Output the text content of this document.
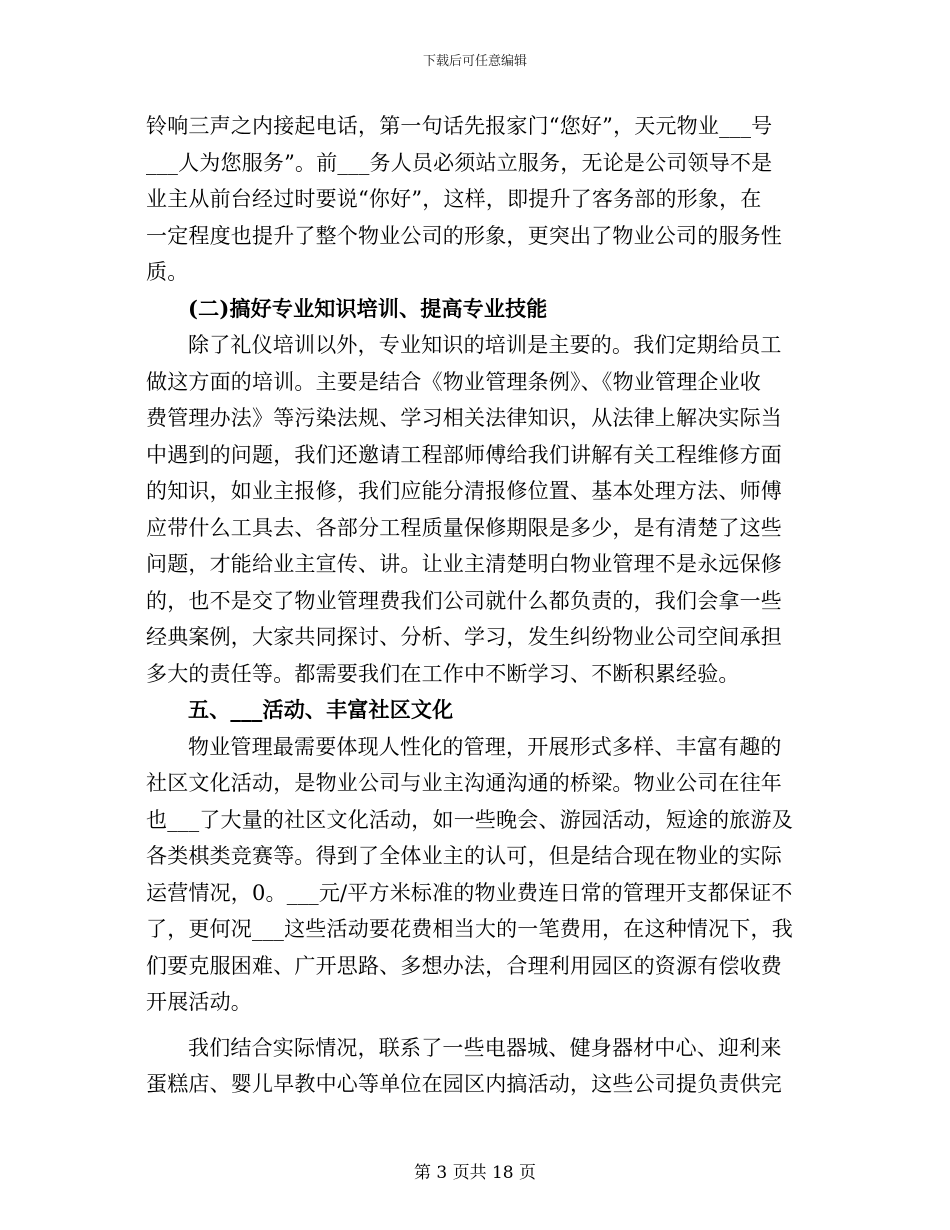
下载后可任意编辑
铃响三声之内接起电话，第一句话先报家门“您好”，天元物业___号
___人为您服务”。前___务人员必须站立服务，无论是公司领导不是
业主从前台经过时要说“你好”，这样，即提升了客务部的形象，在
一定程度也提升了整个物业公司的形象，更突出了物业公司的服务性
质。
(二)搞好专业知识培训、提高专业技能
除了礼仪培训以外，专业知识的培训是主要的。我们定期给员工
做这方面的培训。主要是结合《物业管理条例》、《物业管理企业收
费管理办法》等污染法规、学习相关法律知识，从法律上解决实际当
中遇到的问题，我们还邀请工程部师傅给我们讲解有关工程维修方面
的知识，如业主报修，我们应能分清报修位置、基本处理方法、师傅
应带什么工具去、各部分工程质量保修期限是多少，是有清楚了这些
问题，才能给业主宣传、讲。让业主清楚明白物业管理不是永远保修
的，也不是交了物业管理费我们公司就什么都负责的，我们会拿一些
经典案例，大家共同探讨、分析、学习，发生纠纷物业公司空间承担
多大的责任等。都需要我们在工作中不断学习、不断积累经验。
五、___活动、丰富社区文化
物业管理最需要体现人性化的管理，开展形式多样、丰富有趣的
社区文化活动，是物业公司与业主沟通沟通的桥梁。物业公司在往年
也___了大量的社区文化活动，如一些晚会、游园活动，短途的旅游及
各类棋类竞赛等。得到了全体业主的认可，但是结合现在物业的实际
运营情况，0。___元/平方米标准的物业费连日常的管理开支都保证不
了，更何况___这些活动要花费相当大的一笔费用，在这种情况下，我
们要克服困难、广开思路、多想办法，合理利用园区的资源有偿收费
开展活动。
我们结合实际情况，联系了一些电器城、健身器材中心、迎利来
蛋糕店、婴儿早教中心等单位在园区内搞活动，这些公司提负责供完
第 3 页共 18 页
